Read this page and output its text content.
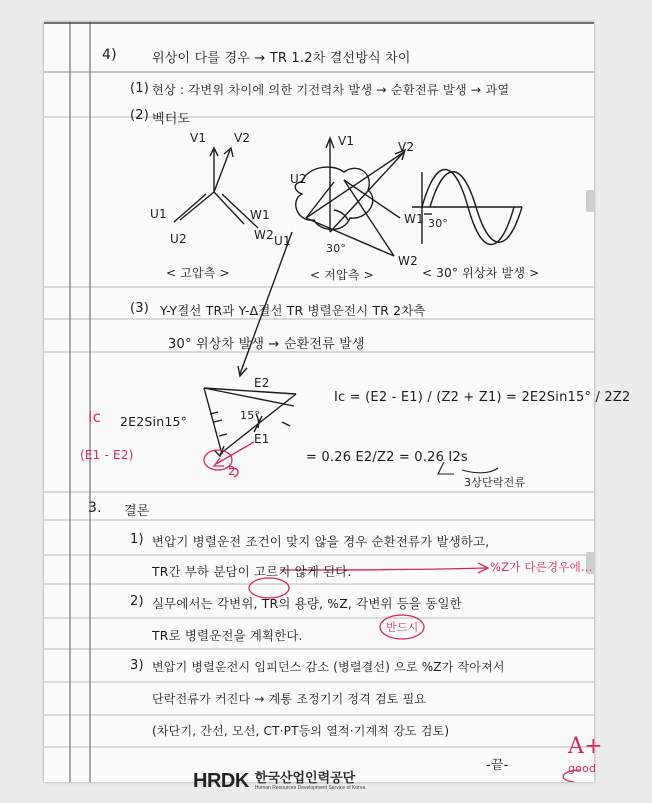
4)	위상이 다를 경우 → TR 1.2차 결선방식 차이
(1) 현상 : 각변위 차이에 의한 기전력차 발생 → 순환전류 발생 → 과열
(2) 벡터도
V1 V2
U1
U2
W1
W2
< 고압측 >
V1	V2
U2
U1
W1
W2
30°
< 저압측 >
30°
< 30° 위상차 발생 >
(3) Y-Y결선 TR과 Y-Δ결선 TR 병렬운전시 TR 2차측
30° 위상차 발생 → 순환전류 발생
E2
E1
15°
2E2Sin15°
Ic = (E2 - E1) / (Z2 + Z1) = 2E2Sin15° / 2Z2
= 0.26 E2/Z2 = 0.26 I2s
3상단락전류
Ic
(E1 - E2)
2
3. 결론
1) 변압기 병렬운전 조건이 맞지 않을 경우 순환전류가 발생하고,
TR간 부하 분담이 고르지 않게 된다.	%Z가 다른경우에...
2) 실무에서는 각변위, TR의 용량, %Z, 각변위 등을 동일한
TR로 병렬운전을 계획한다.
반드시
3) 변압기 병렬운전시 임피던스 감소 (병렬결선) 으로 %Z가 작아져서
단락전류가 커진다 → 계통 조정기기 정격 검토 필요
(차단기, 간선, 모선, CT·PT등의 열적·기계적 강도 검토)
-끝-
A+
good
HRDK 한국산업인력공단
Human Resources Development Service of Korea
